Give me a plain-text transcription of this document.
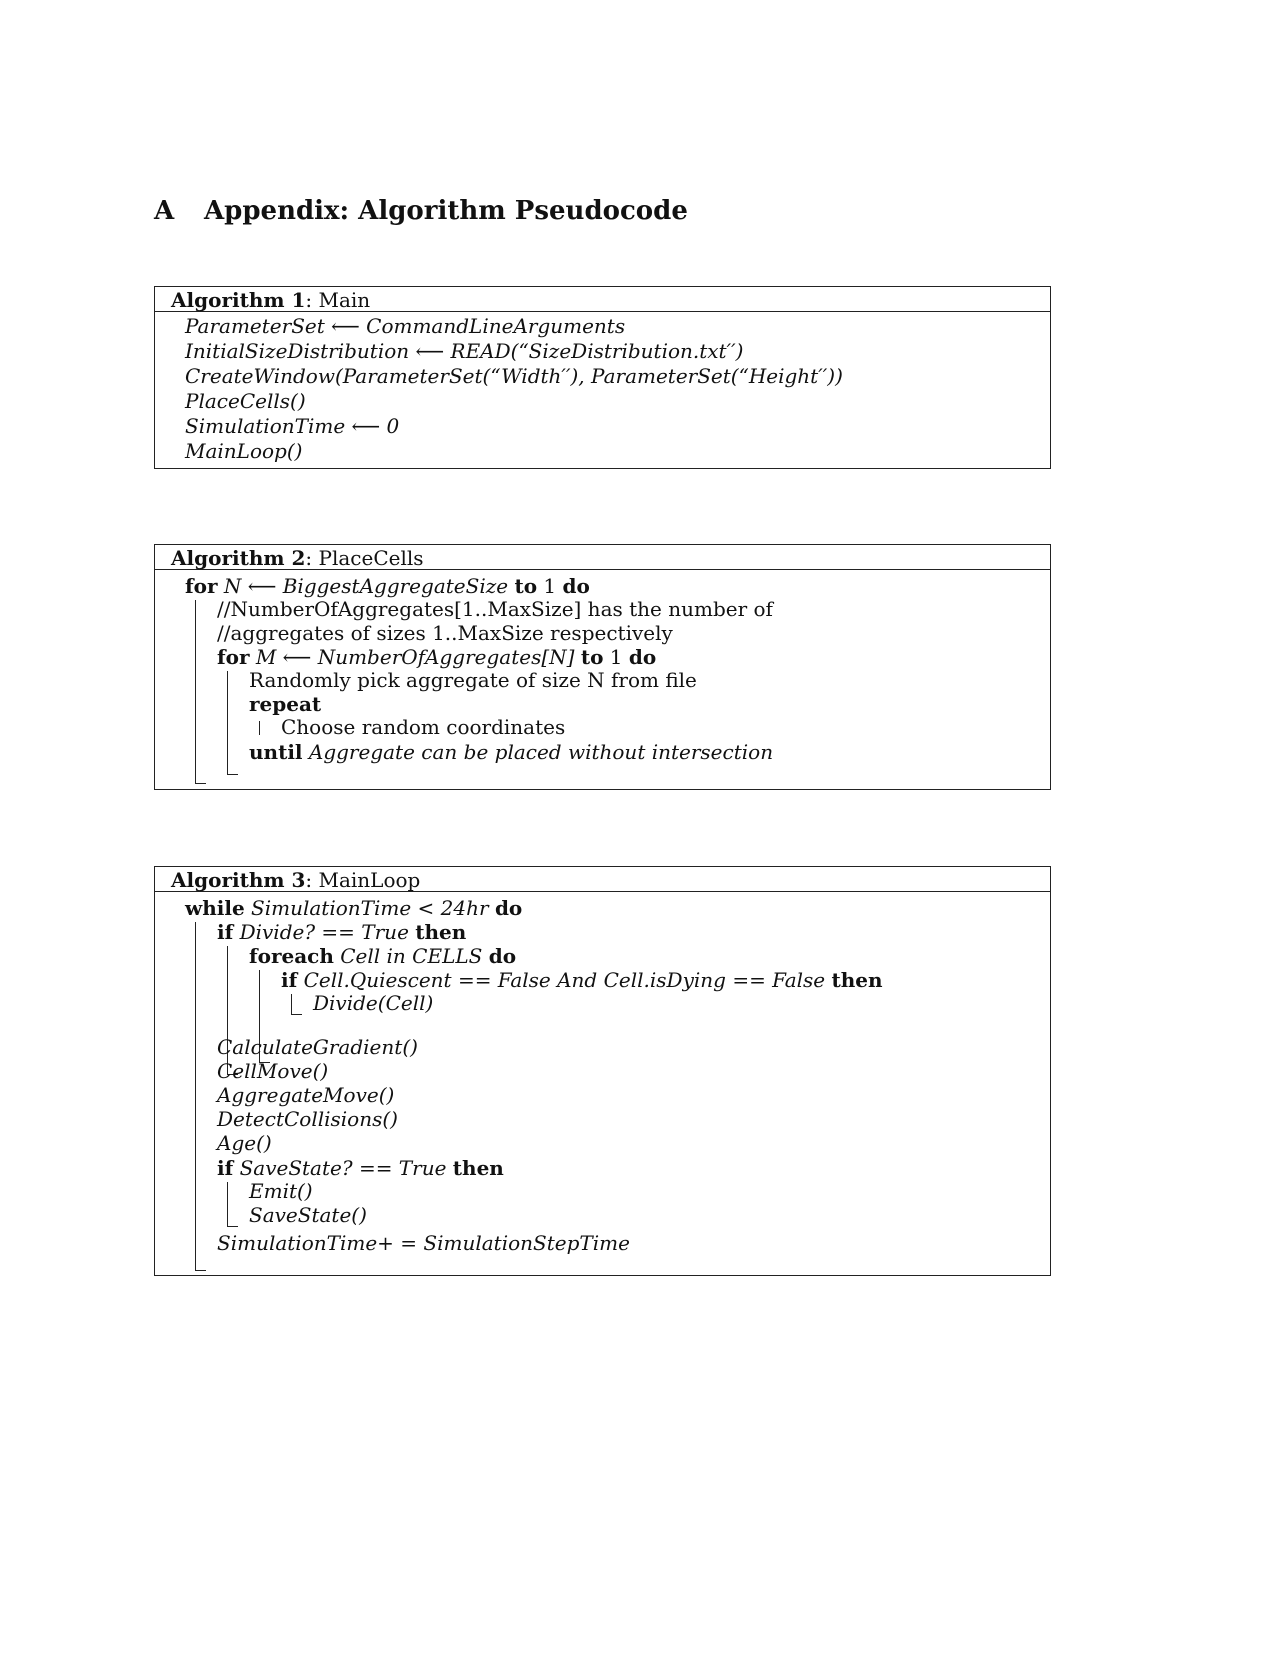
A Appendix: Algorithm Pseudocode
Algorithm 1: Main
ParameterSet ⟵ CommandLineArguments
InitialSizeDistribution ⟵ READ(“SizeDistribution.txt′′)
CreateWindow(ParameterSet(“Width′′), ParameterSet(“Height′′))
PlaceCells()
SimulationTime ⟵ 0
MainLoop()
Algorithm 2: PlaceCells
for N ⟵ BiggestAggregateSize to 1 do
//NumberOfAggregates[1..MaxSize] has the number of
//aggregates of sizes 1..MaxSize respectively
for M ⟵ NumberOfAggregates[N] to 1 do
Randomly pick aggregate of size N from file
repeat
Choose random coordinates
until Aggregate can be placed without intersection
Algorithm 3: MainLoop
while SimulationTime < 24hr do
if Divide? == True then
foreach Cell in CELLS do
if Cell.Quiescent == False And Cell.isDying == False then
Divide(Cell)
CalculateGradient()
CellMove()
AggregateMove()
DetectCollisions()
Age()
if SaveState? == True then
Emit()
SaveState()
SimulationTime+ = SimulationStepTime
